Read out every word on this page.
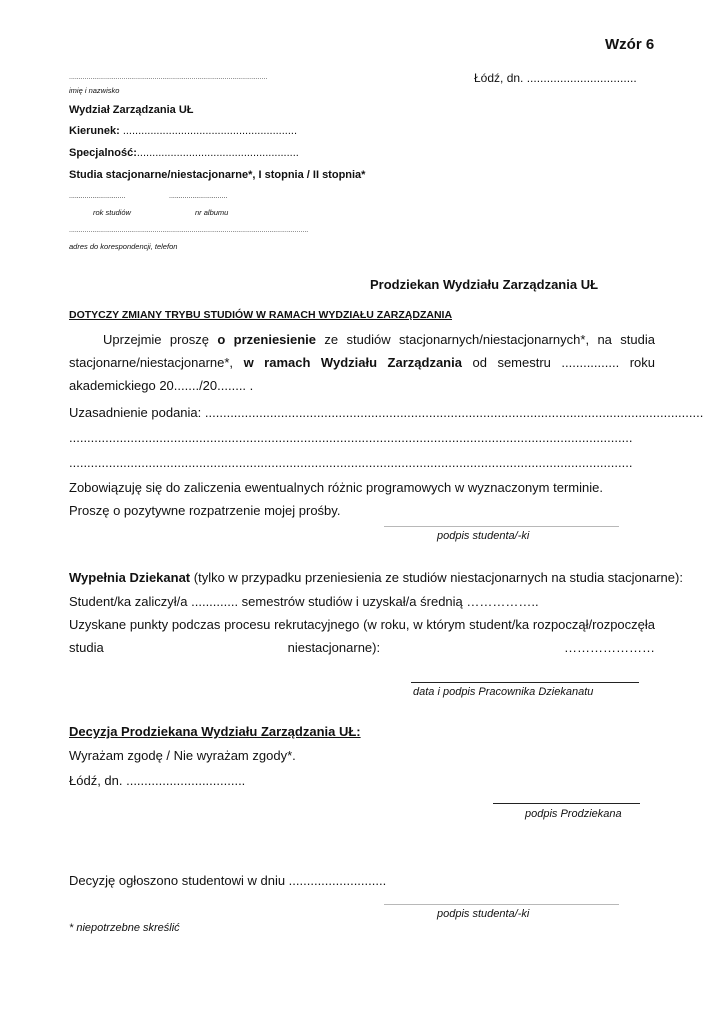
Wzór 6
......................................................................................................
imię i nazwisko
Łódź, dn. .................................
Wydział Zarządzania UŁ
Kierunek: .........................................................
Specjalność:.....................................................
Studia stacjonarne/niestacjonarne*, I stopnia / II stopnia*
.............................	..............................
rok studiów	nr albumu
...........................................................................................................................
adres do korespondencji, telefon
Prodziekan Wydziału Zarządzania UŁ
DOTYCZY ZMIANY TRYBU STUDIÓW W RAMACH WYDZIAŁU ZARZĄDZANIA
Uprzejmie proszę o przeniesienie ze studiów stacjonarnych/niestacjonarnych*, na studia stacjonarne/niestacjonarne*, w ramach Wydziału Zarządzania od semestru ................ roku akademickiego 20......./20........ .
Uzasadnienie podania: ..........................................................................................................................................
............................................................................................................................................................
............................................................................................................................................................
Zobowiązuję się do zaliczenia ewentualnych różnic programowych w wyznaczonym terminie.
Proszę o pozytywne rozpatrzenie mojej prośby.
podpis studenta/-ki
Wypełnia Dziekanat (tylko w przypadku przeniesienia ze studiów niestacjonarnych na studia stacjonarne):
Student/ka zaliczył/a ............. semestrów studiów i uzyskał/a średnią ……………..
Uzyskane punkty podczas procesu rekrutacyjnego (w roku, w którym student/ka rozpoczął/rozpoczęła studia niestacjonarne): …………………
data i podpis Pracownika Dziekanatu
Decyzja Prodziekana Wydziału Zarządzania UŁ:
Wyrażam zgodę / Nie wyrażam zgody*.
Łódź, dn. .................................
podpis Prodziekana
Decyzję ogłoszono studentowi w dniu ...........................
podpis studenta/-ki
* niepotrzebne skreślić
